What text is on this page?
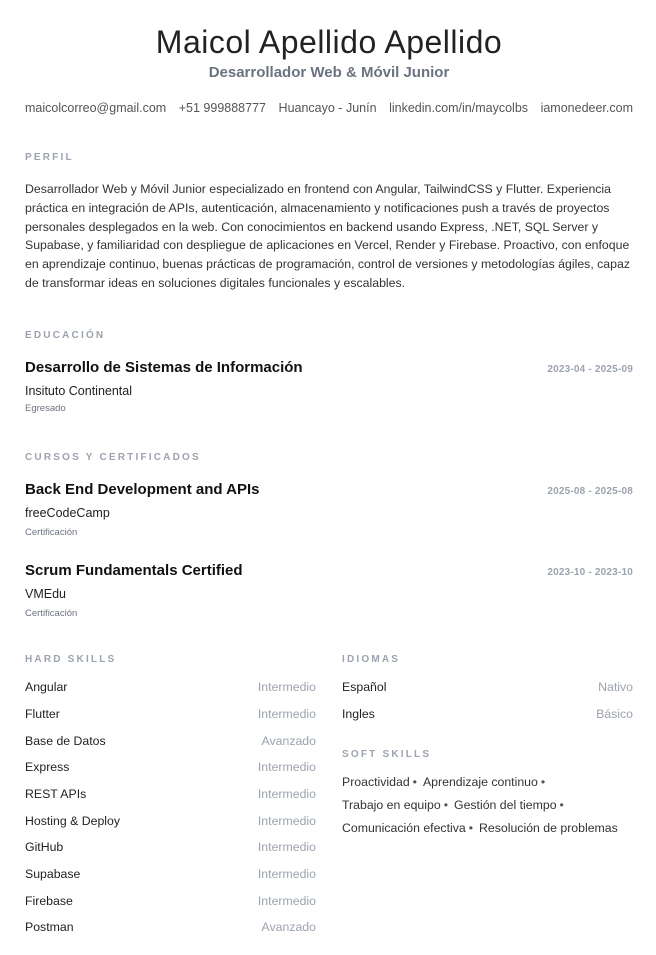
Maicol Apellido Apellido
Desarrollador Web & Móvil Junior
maicolcorreo@gmail.com +51 999888777 Huancayo - Junín linkedin.com/in/maycolbs iamonedeer.com
PERFIL
Desarrollador Web y Móvil Junior especializado en frontend con Angular, TailwindCSS y Flutter. Experiencia práctica en integración de APIs, autenticación, almacenamiento y notificaciones push a través de proyectos personales desplegados en la web. Con conocimientos en backend usando Express, .NET, SQL Server y Supabase, y familiaridad con despliegue de aplicaciones en Vercel, Render y Firebase. Proactivo, con enfoque en aprendizaje continuo, buenas prácticas de programación, control de versiones y metodologías ágiles, capaz de transformar ideas en soluciones digitales funcionales y escalables.
EDUCACIÓN
Desarrollo de Sistemas de Información	2023-04 - 2025-09
Insituto Continental
Egresado
CURSOS Y CERTIFICADOS
Back End Development and APIs	2025-08 - 2025-08
freeCodeCamp
Certificación
Scrum Fundamentals Certified	2023-10 - 2023-10
VMEdu
Certificación
HARD SKILLS
Angular	Intermedio
Flutter	Intermedio
Base de Datos	Avanzado
Express	Intermedio
REST APIs	Intermedio
Hosting & Deploy	Intermedio
GitHub	Intermedio
Supabase	Intermedio
Firebase	Intermedio
Postman	Avanzado
IDIOMAS
Español	Nativo
Ingles	Básico
SOFT SKILLS
Proactividad • Aprendizaje continuo •
Trabajo en equipo • Gestión del tiempo •
Comunicación efectiva • Resolución de problemas
